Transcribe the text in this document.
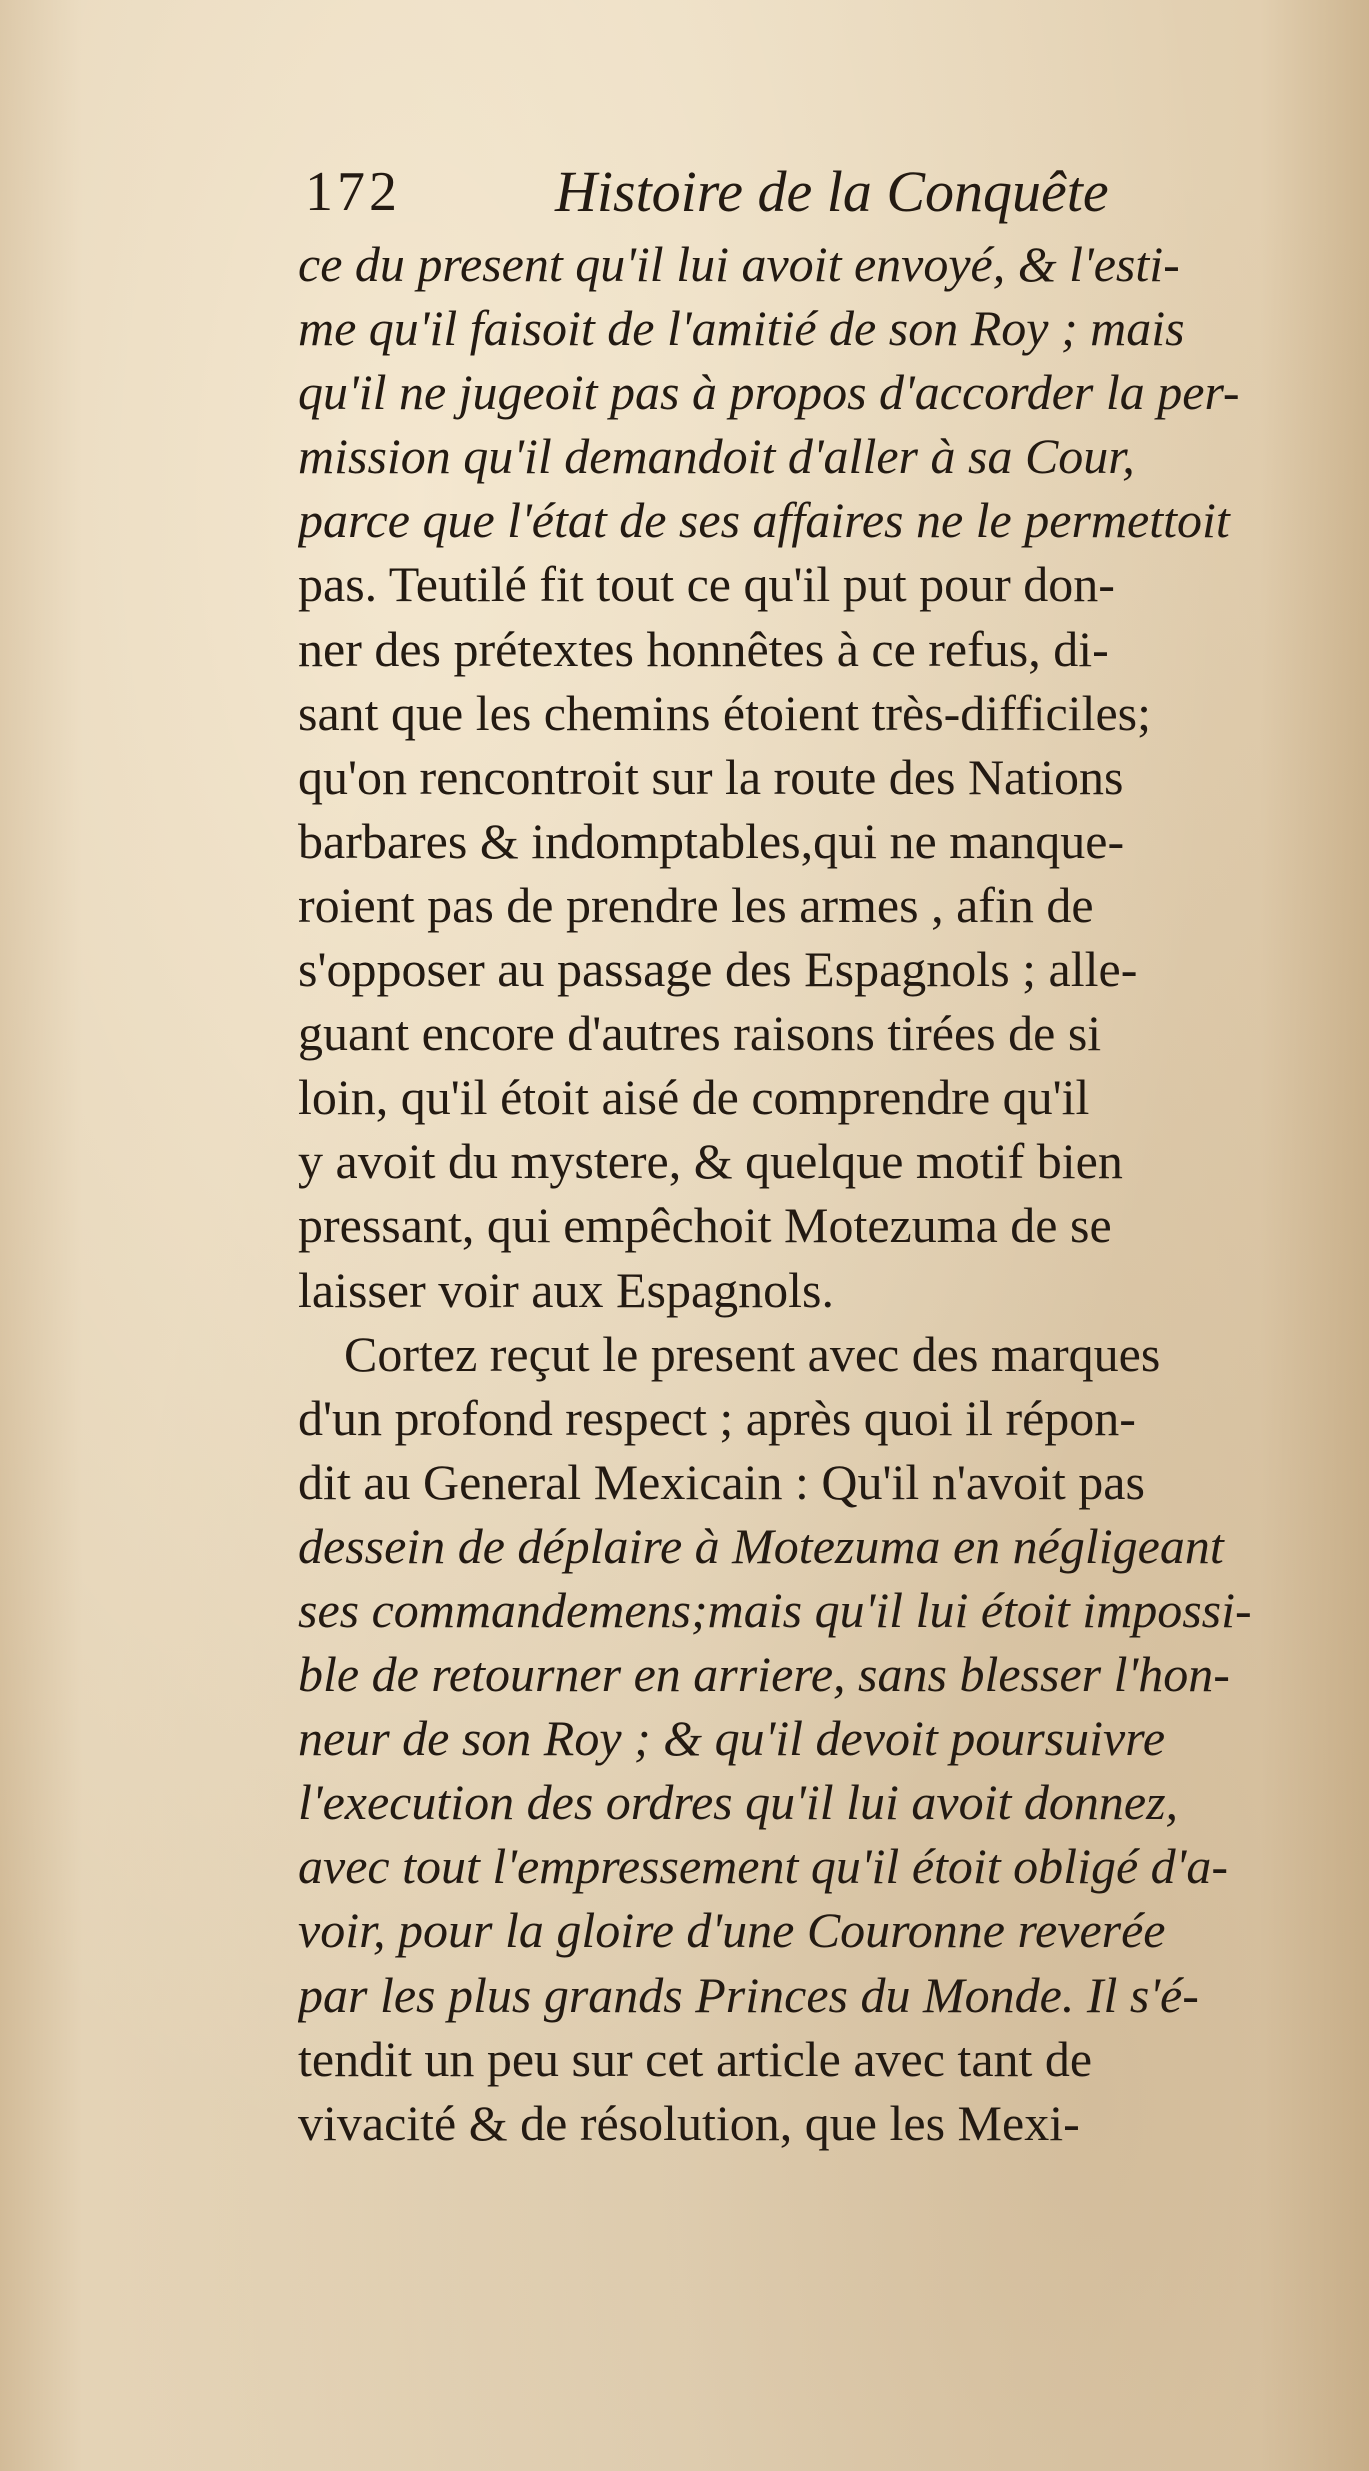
172	Histoire de la Conquête
ce du present qu'il lui avoit envoyé, & l'esti-
me qu'il faisoit de l'amitié de son Roy ; mais
qu'il ne jugeoit pas à propos d'accorder la per-
mission qu'il demandoit d'aller à sa Cour,
parce que l'état de ses affaires ne le permettoit
pas. Teutilé fit tout ce qu'il put pour don-
ner des prétextes honnêtes à ce refus, di-
sant que les chemins étoient très-difficiles;
qu'on rencontroit sur la route des Nations
barbares & indomptables,qui ne manque-
roient pas de prendre les armes , afin de
s'opposer au passage des Espagnols ; alle-
guant encore d'autres raisons tirées de si
loin, qu'il étoit aisé de comprendre qu'il
y avoit du mystere, & quelque motif bien
pressant, qui empêchoit Motezuma de se
laisser voir aux Espagnols.
Cortez reçut le present avec des marques
d'un profond respect ; après quoi il répon-
dit au General Mexicain : Qu'il n'avoit pas
dessein de déplaire à Motezuma en négligeant
ses commandemens;mais qu'il lui étoit impossi-
ble de retourner en arriere, sans blesser l'hon-
neur de son Roy ; & qu'il devoit poursuivre
l'execution des ordres qu'il lui avoit donnez,
avec tout l'empressement qu'il étoit obligé d'a-
voir, pour la gloire d'une Couronne reverée
par les plus grands Princes du Monde. Il s'é-
tendit un peu sur cet article avec tant de
vivacité & de résolution, que les Mexi-
